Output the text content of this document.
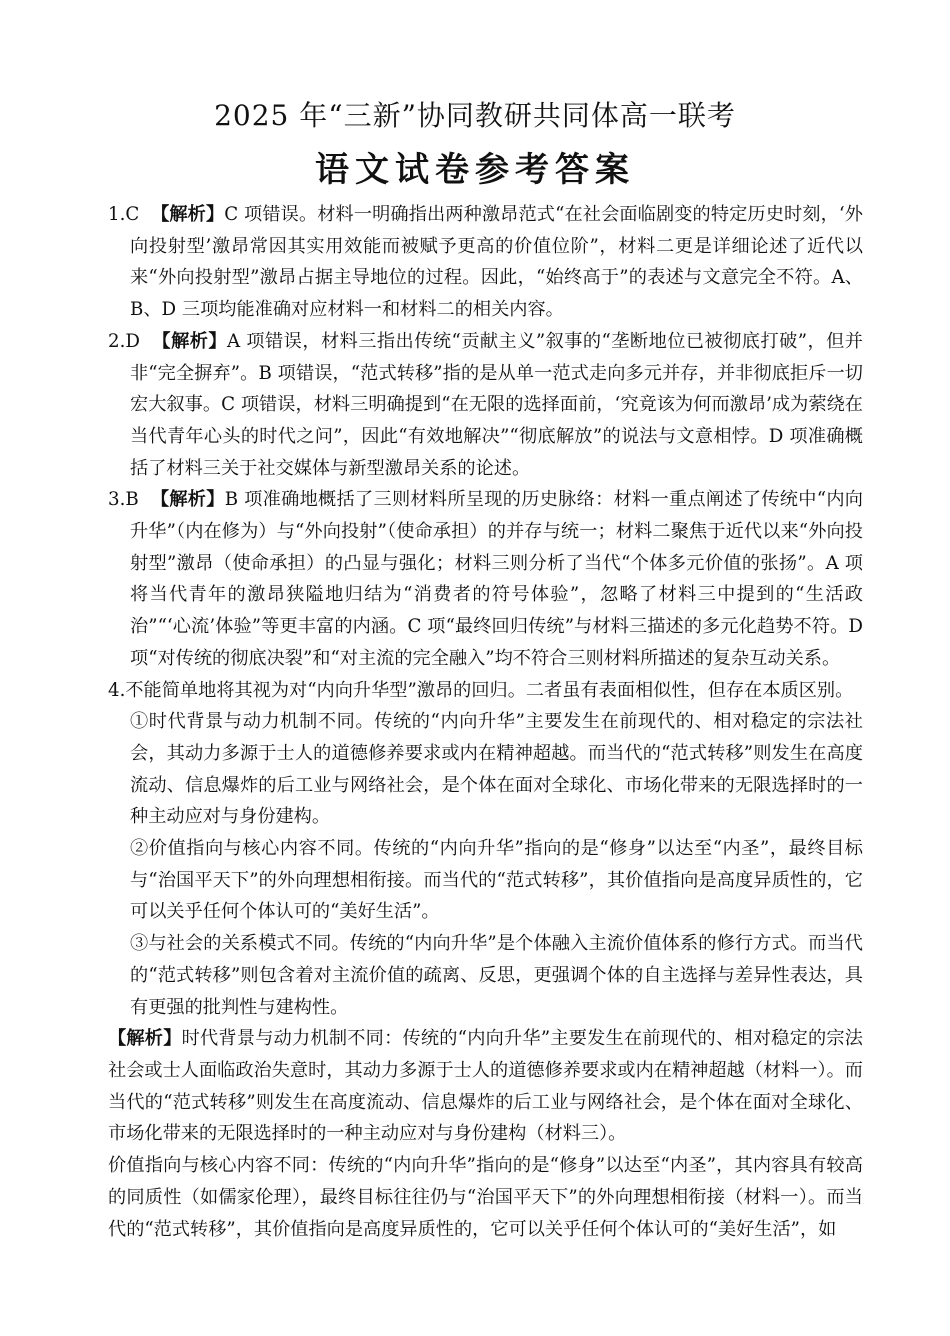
2025 年“三新”协同教研共同体高一联考
语文试卷参考答案

1.C 【解析】C 项错误。材料一明确指出两种激昂范式“在社会面临剧变的特定历史时刻，‘外向投射型’激昂常因其实用效能而被赋予更高的价值位阶”，材料二更是详细论述了近代以来“外向投射型”激昂占据主导地位的过程。因此，“始终高于”的表述与文意完全不符。A、B、D 三项均能准确对应材料一和材料二的相关内容。

2.D 【解析】A 项错误，材料三指出传统“贡献主义”叙事的“垄断地位已被彻底打破”，但并非“完全摒弃”。B 项错误，“范式转移”指的是从单一范式走向多元并存，并非彻底拒斥一切宏大叙事。C 项错误，材料三明确提到“在无限的选择面前，‘究竟该为何而激昂’成为萦绕在当代青年心头的时代之问”，因此“有效地解决”“彻底解放”的说法与文意相悖。D 项准确概括了材料三关于社交媒体与新型激昂关系的论述。

3.B 【解析】B 项准确地概括了三则材料所呈现的历史脉络：材料一重点阐述了传统中“内向升华”（内在修为）与“外向投射”（使命承担）的并存与统一；材料二聚焦于近代以来“外向投射型”激昂（使命承担）的凸显与强化；材料三则分析了当代“个体多元价值的张扬”。A 项将当代青年的激昂狭隘地归结为“消费者的符号体验”，忽略了材料三中提到的“生活政治”“‘心流’体验”等更丰富的内涵。C 项“最终回归传统”与材料三描述的多元化趋势不符。D 项“对传统的彻底决裂”和“对主流的完全融入”均不符合三则材料所描述的复杂互动关系。

4.不能简单地将其视为对“内向升华型”激昂的回归。二者虽有表面相似性，但存在本质区别。

①时代背景与动力机制不同。传统的“内向升华”主要发生在前现代的、相对稳定的宗法社会，其动力多源于士人的道德修养要求或内在精神超越。而当代的“范式转移”则发生在高度流动、信息爆炸的后工业与网络社会，是个体在面对全球化、市场化带来的无限选择时的一种主动应对与身份建构。

②价值指向与核心内容不同。传统的“内向升华”指向的是“修身”以达至“内圣”，最终目标与“治国平天下”的外向理想相衔接。而当代的“范式转移”，其价值指向是高度异质性的，它可以关乎任何个体认可的“美好生活”。

③与社会的关系模式不同。传统的“内向升华”是个体融入主流价值体系的修行方式。而当代的“范式转移”则包含着对主流价值的疏离、反思，更强调个体的自主选择与差异性表达，具有更强的批判性与建构性。

【解析】时代背景与动力机制不同：传统的“内向升华”主要发生在前现代的、相对稳定的宗法社会或士人面临政治失意时，其动力多源于士人的道德修养要求或内在精神超越（材料一）。而当代的“范式转移”则发生在高度流动、信息爆炸的后工业与网络社会，是个体在面对全球化、市场化带来的无限选择时的一种主动应对与身份建构（材料三）。

价值指向与核心内容不同：传统的“内向升华”指向的是“修身”以达至“内圣”，其内容具有较高的同质性（如儒家伦理），最终目标往往仍与“治国平天下”的外向理想相衔接（材料一）。而当代的“范式转移”，其价值指向是高度异质性的，它可以关乎任何个体认可的“美好生活”，如
